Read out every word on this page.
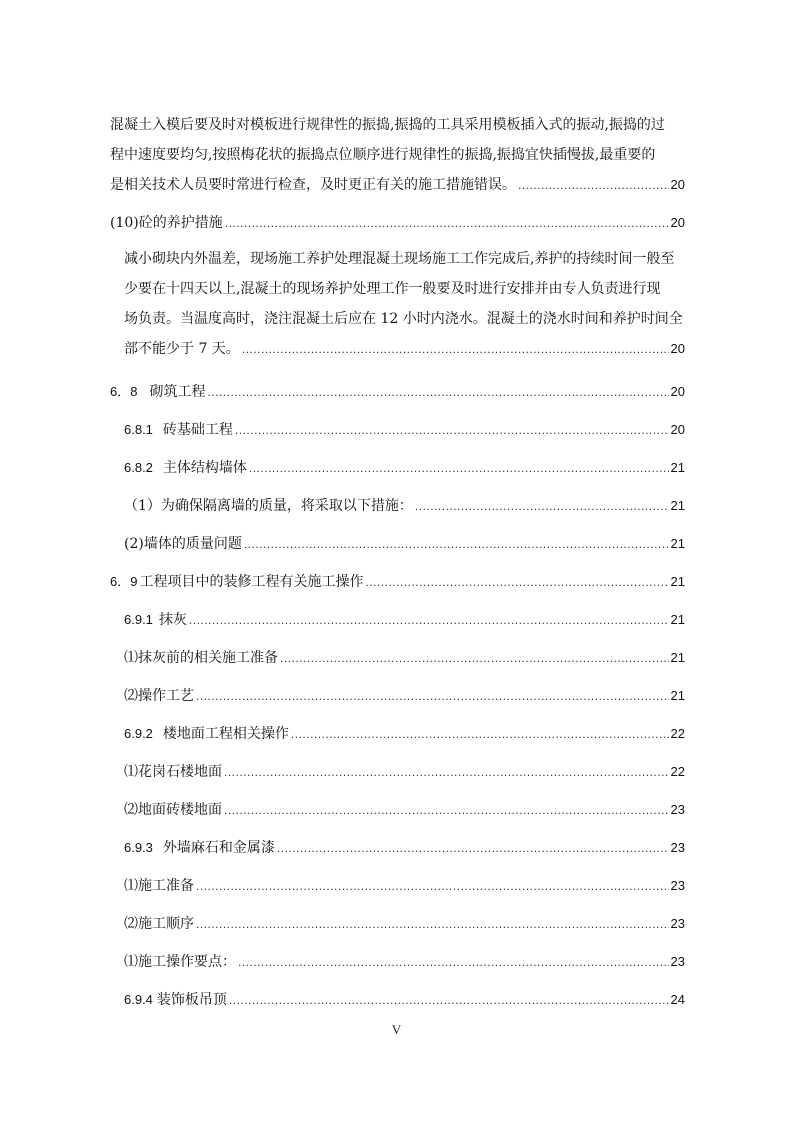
混凝土入模后要及时对模板进行规律性的振捣,振捣的工具采用模板插入式的振动,振捣的过
程中速度要均匀,按照梅花状的振捣点位顺序进行规律性的振捣,振捣宜快插慢拔,最重要的
是相关技术人员要时常进行检查，及时更正有关的施工措施错误。 .....	20
(10)砼的养护措施 .....	20
减小砌块内外温差，现场施工养护处理混凝土现场施工工作完成后,养护的持续时间一般至
少要在十四天以上,混凝土的现场养护处理工作一般要及时进行安排并由专人负责进行现
场负责。当温度高时，浇注混凝土后应在 12 小时内浇水。混凝土的浇水时间和养护时间全
部不能少于 7 天。 .....	20
6．8 砌筑工程 .....	20
6.8.1 砖基础工程 .....	20
6.8.2 主体结构墙体 .....	21
（1）为确保隔离墙的质量，将采取以下措施： .....	21
(2)墙体的质量问题 .....	21
6．9 工程项目中的装修工程有关施工操作 .....	21
6.9.1 抹灰 .....	21
⑴抹灰前的相关施工准备 .....	21
⑵操作工艺 .....	21
6.9.2 楼地面工程相关操作 .....	22
⑴花岗石楼地面 .....	22
⑵地面砖楼地面 .....	23
6.9.3 外墙麻石和金属漆 .....	23
⑴施工准备 .....	23
⑵施工顺序 .....	23
⑴施工操作要点： .....	23
6.9.4 装饰板吊顶 .....	24
V
